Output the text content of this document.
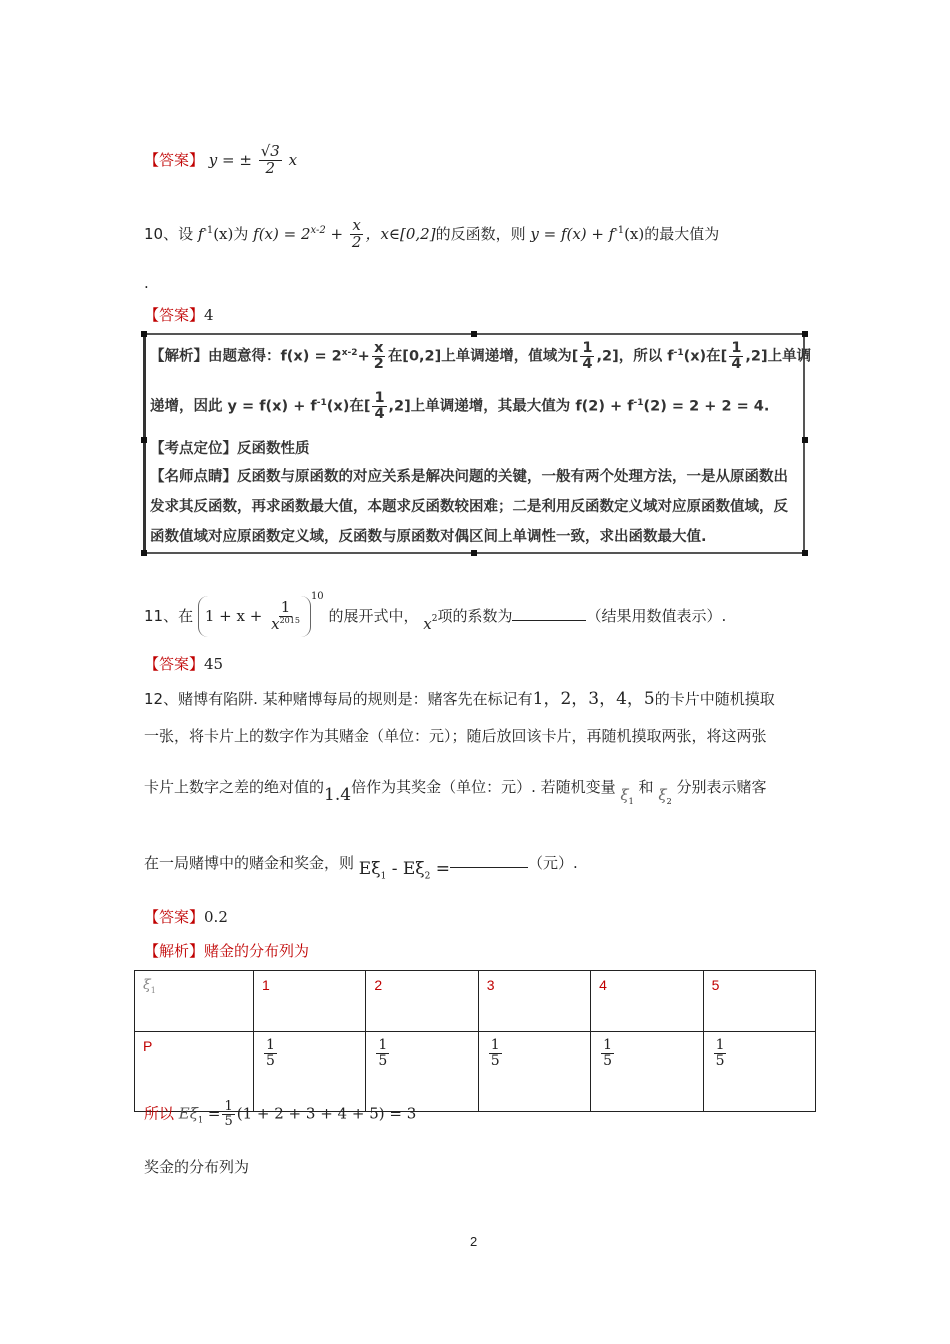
【答案】 y = ± $\frac{√3}{2}$ x
10、设 $f^{-1}(x)$为 $f(x) = 2^{x-2} + \frac{x}{2}$ ，x∈[0,2]的反函数，则 $y = f(x) + f^{-1}(x)$的最大值为
.
【答案】4
【解析】由题意得：$f(x) = 2^{x-2}+ \frac{x}{2}$ 在[0,2]上单调递增，值域为[ $\frac{1}{4} ,2$]，所以 $f^{-1}(x)$在[ $\frac{1}{4} ,2$]上单调
递增，因此 $y = f(x) + f^{-1}(x)$在[ $\frac{1}{4} ,2$]上单调递增，其最大值为 $f(2) + f^{-1}(2) = 2 + 2 = 4$.
【考点定位】反函数性质
【名师点睛】反函数与原函数的对应关系是解决问题的关键，一般有两个处理方法，一是从原函数出
发求其反函数，再求函数最大值，本题求反函数较困难；二是利用反函数定义域对应原函数值域，反
函数值域对应原函数定义域，反函数与原函数对偶区间上单调性一致，求出函数最大值.
11、在 $1 + x + \frac{1}{x^{2015}}$
$^{10}$ 的展开式中， $x^2$项的系数为	（结果用数值表示）.
【答案】45
12、赌博有陷阱. 某种赌博每局的规则是：赌客先在标记有1，2，3，4，5的卡片中随机摸取
一张，将卡片上的数字作为其赌金（单位：元）；随后放回该卡片，再随机摸取两张，将这两张
卡片上数字之差的绝对值的1.4倍作为其奖金（单位：元）. 若随机变量 $\xi_1$ 和 $\xi_2$ 分别表示赌客
在一局赌博中的赌金和奖金，则 $E\xi_1 - E\xi_2$ =	（元）.
【答案】0.2
【解析】赌金的分布列为
$\xi_1$	1	2	3	4	5
P	$\frac{1}{5}$	$\frac{1}{5}$	$\frac{1}{5}$	$\frac{1}{5}$	$\frac{1}{5}$
所以 $E\xi_1 = \frac{1}{5} (1 + 2 + 3 + 4 + 5) = 3$
奖金的分布列为
2
